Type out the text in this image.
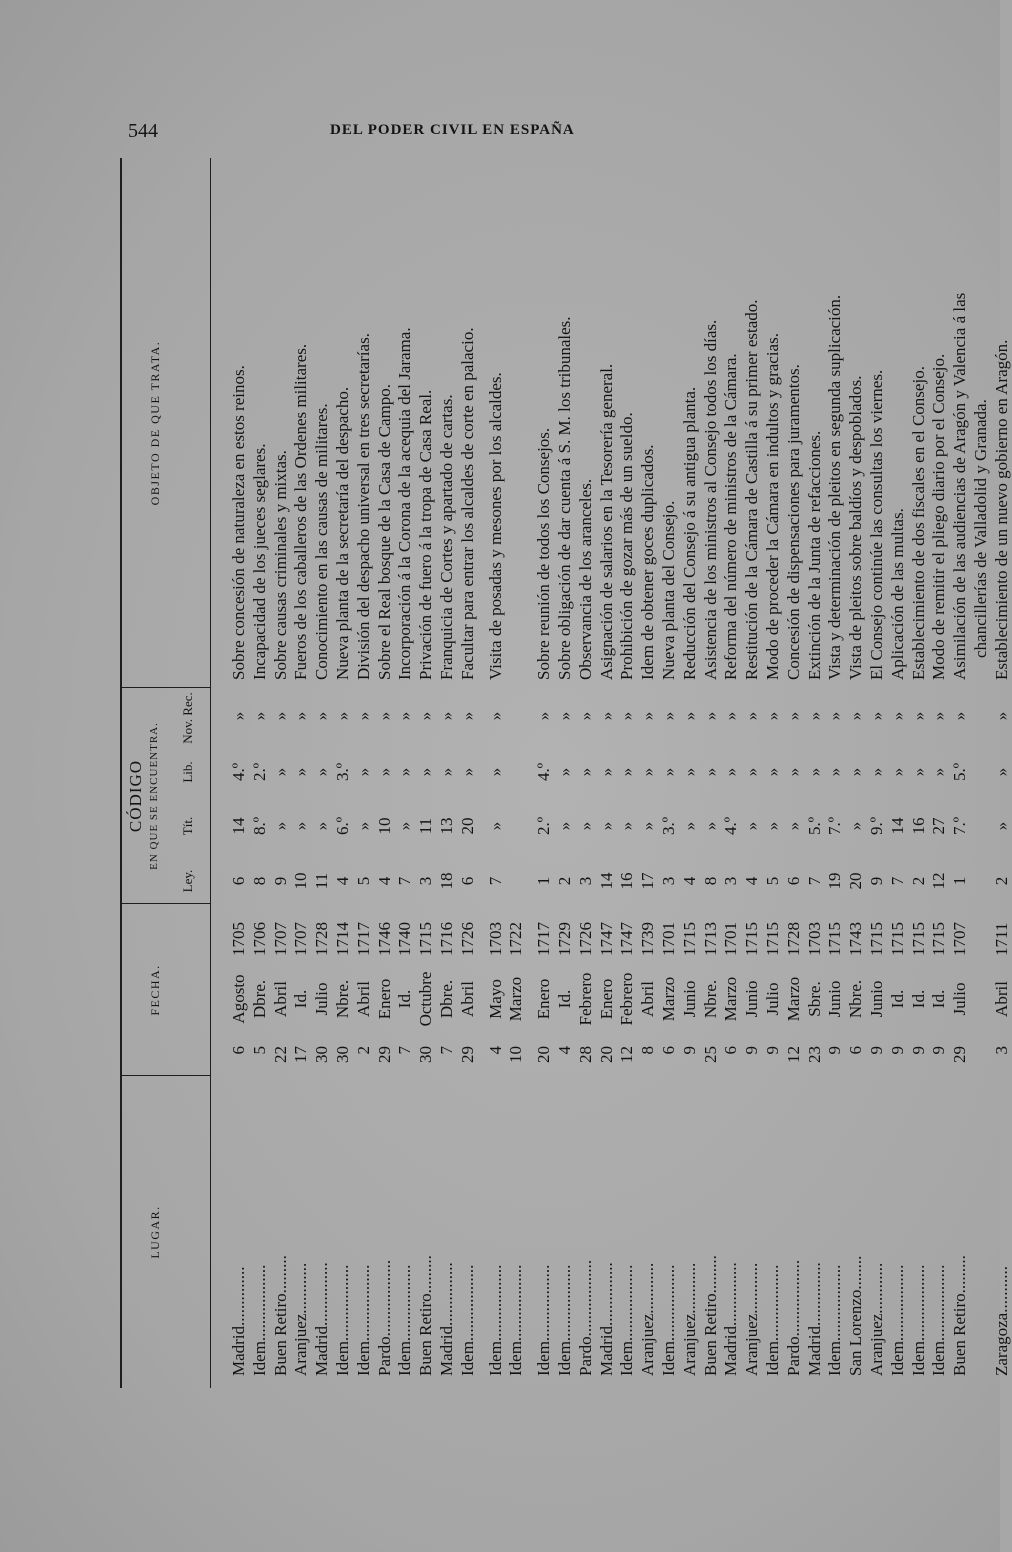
544	DEL PODER CIVIL EN ESPAÑA
LUGAR.
FECHA.
CÓDIGO EN QUE SE ENCUENTRA.
OBJETO DE QUE TRATA.
Ley.
Tít.
Lib.
Nov. Rec.
Madrid..............
6
Agosto
1705
6
14
4.º
»
Sobre concesión de naturaleza en estos reinos.
Idem..................
5
Dbre.
1706
8
8.º
2.º
»
Incapacidad de los jueces seglares.
Buen Retiro.........
22
Abril
1707
9
»
»
»
Sobre causas criminales y mixtas.
Aranjuez............
17
Id.
1707
10
»
»
»
Fueros de los caballeros de las Ordenes militares.
Madrid...............
30
Julio
1728
11
»
»
»
Conocimiento en las causas de militares.
Idem..................
30
Nbre.
1714
4
6.º
3.º
»
Nueva planta de la secretaría del despacho.
Idem..................
2
Abril
1717
5
»
»
»
División del despacho universal en tres secretarías.
Pardo..................
29
Enero
1746
4
10
»
»
Sobre el Real bosque de la Casa de Campo.
Idem..................
7
Id.
1740
7
»
»
»
Incorporación á la Corona de la acequia del Jarama.
Buen Retiro.........
30
Octubre
1715
3
11
»
»
Privación de fuero á la tropa de Casa Real.
Madrid...............
7
Dbre.
1716
18
13
»
»
Franquicia de Cortes y apartado de cartas.
Idem..................
29
Abril
1726
6
20
»
»
Facultar para entrar los alcaldes de corte en palacio.
Idem..................
4
Mayo
1703
7
»
»
»
Visita de posadas y mesones por los alcaldes.
Idem..................
10
Marzo
1722
Idem..................
20
Enero
1717
1
2.º
4.º
»
Sobre reunión de todos los Consejos.
Idem..................
4
Id.
1729
2
»
»
»
Sobre obligación de dar cuenta á S. M. los tribunales.
Pardo..................
28
Febrero
1726
3
»
»
»
Observancia de los aranceles.
Madrid...............
20
Enero
1747
14
»
»
»
Asignación de salarios en la Tesorería general.
Idem..................
12
Febrero
1747
16
»
»
»
Prohibición de gozar más de un sueldo.
Aranjuez............
8
Abril
1739
17
»
»
»
Idem de obtener goces duplicados.
Idem..................
6
Marzo
1701
3
3.º
»
»
Nueva planta del Consejo.
Aranjuez............
9
Junio
1715
4
»
»
»
Reducción del Consejo á su antigua planta.
Buen Retiro.........
25
Nbre.
1713
8
»
»
»
Asistencia de los ministros al Consejo todos los días.
Madrid...............
6
Marzo
1701
3
4.º
»
»
Reforma del número de ministros de la Cámara.
Aranjuez............
9
Junio
1715
4
»
»
»
Restitución de la Cámara de Castilla á su primer estado.
Idem..................
9
Julio
1715
5
»
»
»
Modo de proceder la Cámara en indultos y gracias.
Pardo..................
12
Marzo
1728
6
»
»
»
Concesión de dispensaciones para juramentos.
Madrid...............
23
Sbre.
1703
7
5.º
»
»
Extinción de la Junta de refacciones.
Idem..................
9
Junio
1715
19
7.º
»
»
Vista y determinación de pleitos en segunda suplicación.
San Lorenzo........
6
Nbre.
1743
20
»
»
»
Vista de pleitos sobre baldíos y despoblados.
Aranjuez............
9
Junio
1715
9
9.º
»
»
El Consejo continúe las consultas los viernes.
Idem..................
9
Id.
1715
7
14
»
»
Aplicación de las multas.
Idem..................
9
Id.
1715
2
16
»
»
Establecimiento de dos fiscales en el Consejo.
Idem..................
9
Id.
1715
12
27
»
»
Modo de remitir el pliego diario por el Consejo.
Buen Retiro.........
29
Julio
1707
1
7.º
5.º
»
Asimilación de las audiencias de Aragón y Valencia á las chancillerías de Valladolid y Granada.
Zaragoza...........
3
Abril
1711
2
»
»
»
Establecimiento de un nuevo gobierno en Aragón.
